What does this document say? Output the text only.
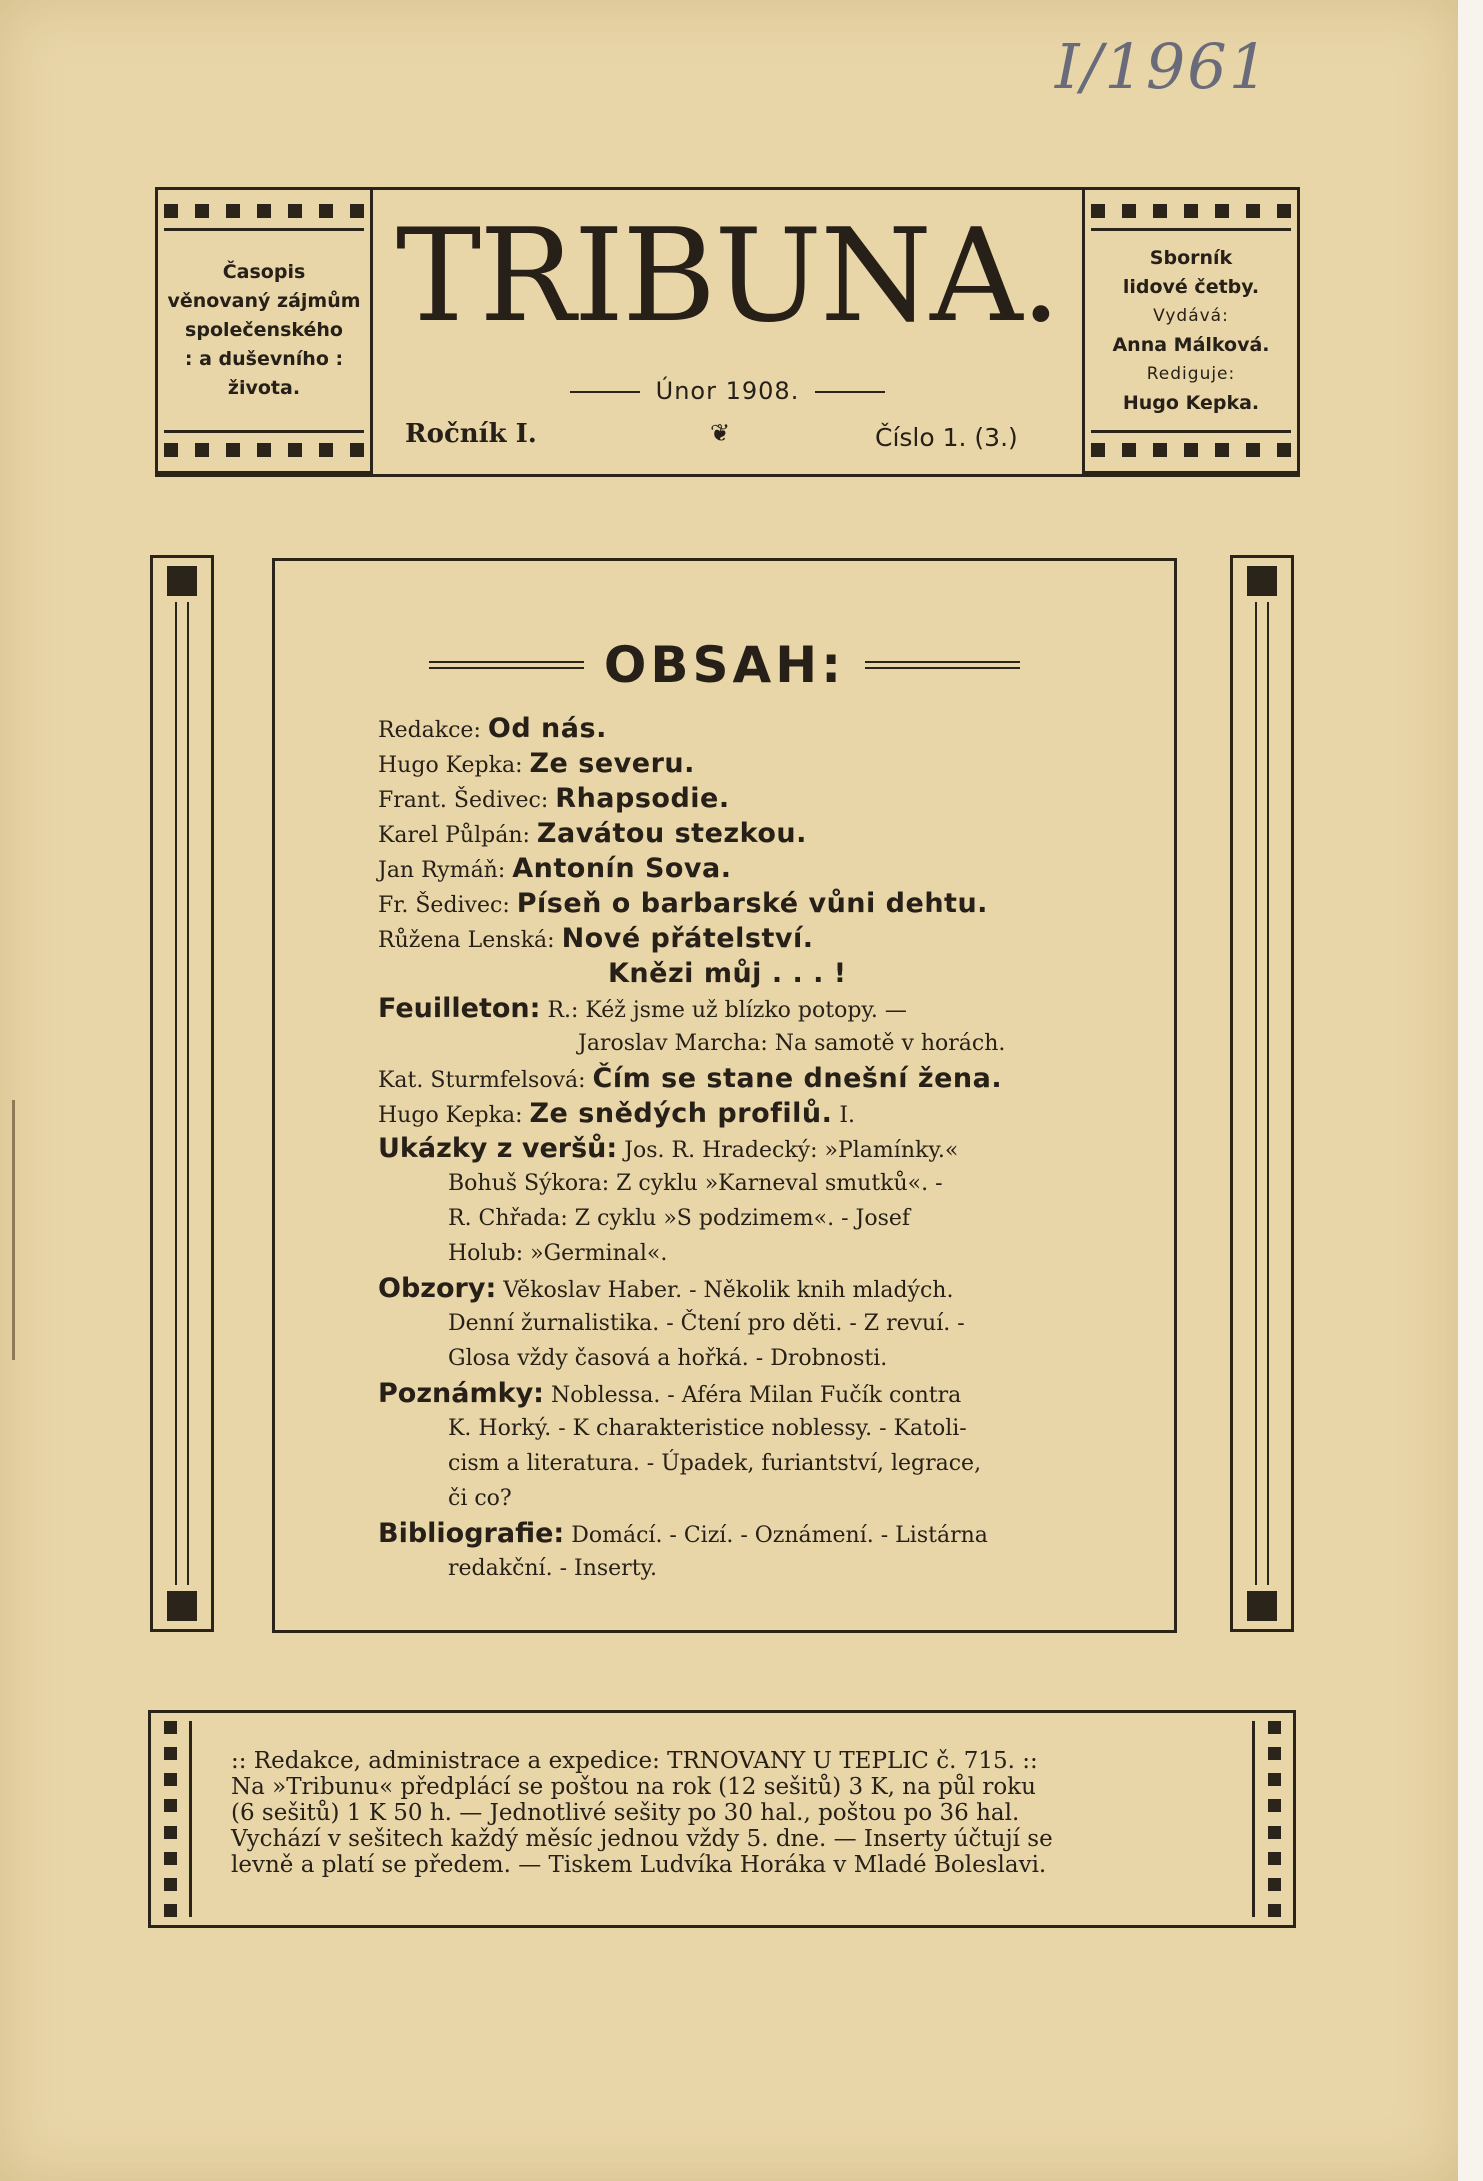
I/1961
Časopis
věnovaný zájmům
společenského
: a duševního :
života.
TRIBUNA.
Únor 1908.
Ročník I.	❦	Číslo 1. (3.)
Sborník
lidové četby.
Vydává:
Anna Málková.
Rediguje:
Hugo Kepka.
OBSAH:
Redakce: Od nás.
Hugo Kepka: Ze severu.
Frant. Šedivec: Rhapsodie.
Karel Půlpán: Zavátou stezkou.
Jan Rymáň: Antonín Sova.
Fr. Šedivec: Píseň o barbarské vůni dehtu.
Růžena Lenská: Nové přátelství.
Knězi můj . . . !
Feuilleton: R.: Kéž jsme už blízko potopy. —
Jaroslav Marcha: Na samotě v horách.
Kat. Sturmfelsová: Čím se stane dnešní žena.
Hugo Kepka: Ze snědých profilů. I.
Ukázky z veršů: Jos. R. Hradecký: »Plamínky.«
Bohuš Sýkora: Z cyklu »Karneval smutků«. -
R. Chřada: Z cyklu »S podzimem«. - Josef
Holub: »Germinal«.
Obzory: Věkoslav Haber. - Několik knih mladých.
Denní žurnalistika. - Čtení pro děti. - Z revuí. -
Glosa vždy časová a hořká. - Drobnosti.
Poznámky: Noblessa. - Aféra Milan Fučík contra
K. Horký. - K charakteristice noblessy. - Katoli-
cism a literatura. - Úpadek, furiantství, legrace,
či co?
Bibliografie: Domácí. - Cizí. - Oznámení. - Listárna
redakční. - Inserty.
:: Redakce, administrace a expedice: TRNOVANY U TEPLIC č. 715. ::
Na »Tribunu« předplácí se poštou na rok (12 sešitů) 3 K, na půl roku
(6 sešitů) 1 K 50 h. — Jednotlivé sešity po 30 hal., poštou po 36 hal.
Vychází v sešitech každý měsíc jednou vždy 5. dne. — Inserty účtují se
levně a platí se předem. — Tiskem Ludvíka Horáka v Mladé Boleslavi.
